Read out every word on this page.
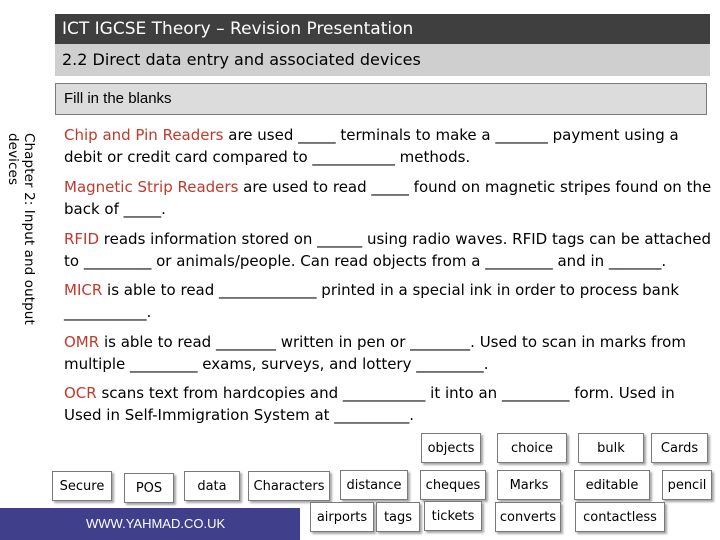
ICT IGCSE Theory – Revision Presentation
2.2 Direct data entry and associated devices
Fill in the blanks
Chapter 2: Input and output devices	Chip and Pin Readers are used _____ terminals to make a _______ payment using a debit or credit card compared to ___________ methods.
Magnetic Strip Readers are used to read _____ found on magnetic stripes found on the back of _____.
RFID reads information stored on ______ using radio waves. RFID tags can be attached to _________ or animals/people. Can read objects from a _________ and in _______.
MICR is able to read _____________ printed in a special ink in order to process bank ___________.
OMR is able to read ________ written in pen or ________. Used to scan in marks from multiple _________ exams, surveys, and lottery _________.
OCR scans text from hardcopies and ___________ it into an _________ form. Used in Used in Self-Immigration System at __________.
objects	choice	bulk	Cards
Secure	POS	data	Characters	distance	cheques	Marks	editable	pencil
WWW.YAHMAD.CO.UK	airports	tags	tickets	converts	contactless
